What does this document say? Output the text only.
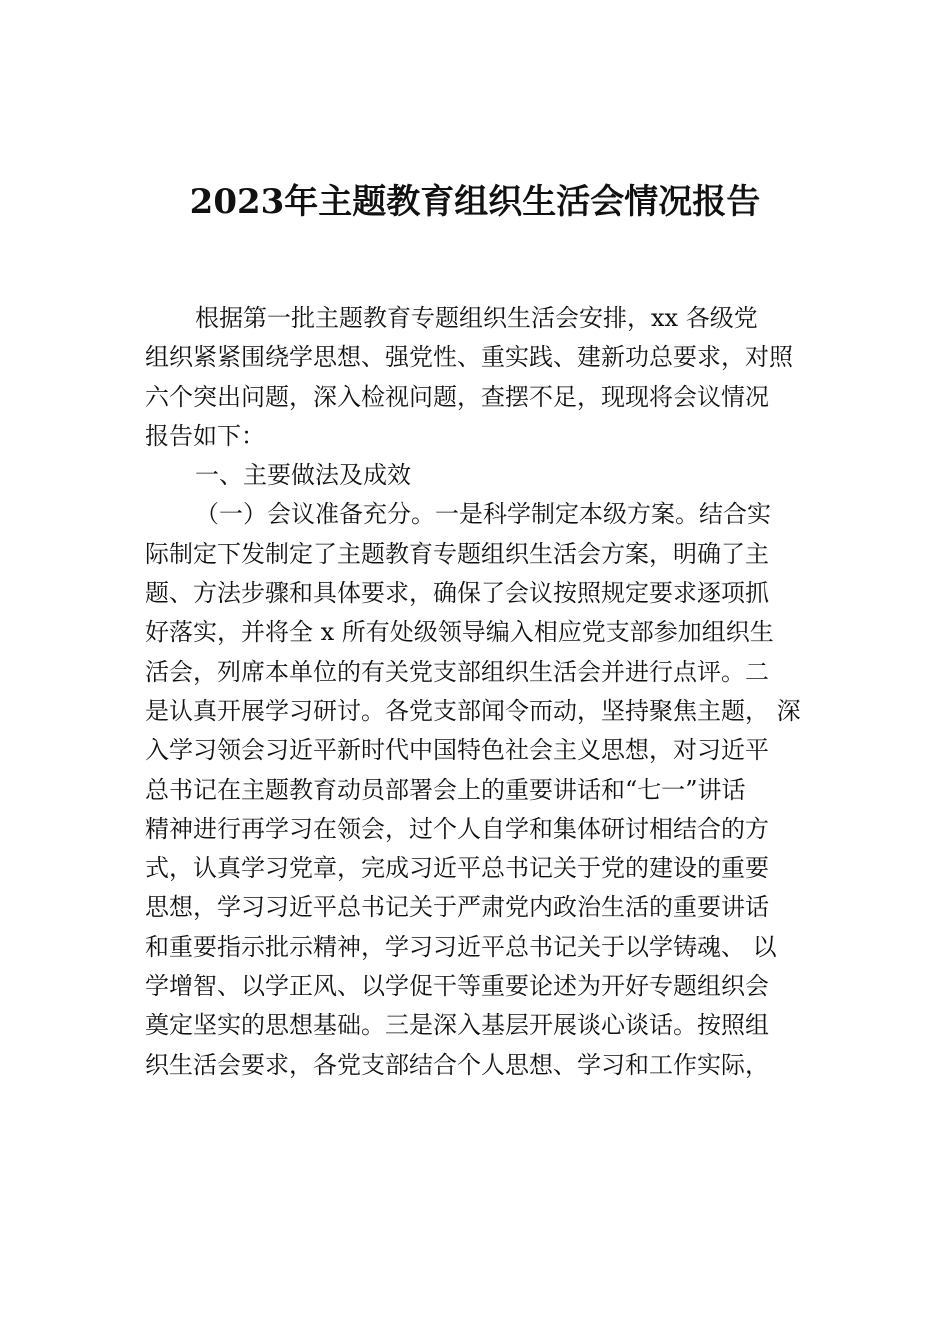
2023年主题教育组织生活会情况报告
根据第一批主题教育专题组织生活会安排，xx 各级党
组织紧紧围绕学思想、强党性、重实践、建新功总要求，对照
六个突出问题，深入检视问题，查摆不足，现现将会议情况
报告如下：
一、主要做法及成效
（一）会议准备充分。一是科学制定本级方案。结合实
际制定下发制定了主题教育专题组织生活会方案，明确了主
题、方法步骤和具体要求，确保了会议按照规定要求逐项抓
好落实，并将全 x 所有处级领导编入相应党支部参加组织生
活会，列席本单位的有关党支部组织生活会并进行点评。二
是认真开展学习研讨。各党支部闻令而动，坚持聚焦主题， 深
入学习领会习近平新时代中国特色社会主义思想，对习近平
总书记在主题教育动员部署会上的重要讲话和“七一”讲话
精神进行再学习在领会，过个人自学和集体研讨相结合的方
式，认真学习党章，完成习近平总书记关于党的建设的重要
思想，学习习近平总书记关于严肃党内政治生活的重要讲话
和重要指示批示精神，学习习近平总书记关于以学铸魂、 以
学增智、以学正风、以学促干等重要论述为开好专题组织会
奠定坚实的思想基础。三是深入基层开展谈心谈话。按照组
织生活会要求，各党支部结合个人思想、学习和工作实际，
